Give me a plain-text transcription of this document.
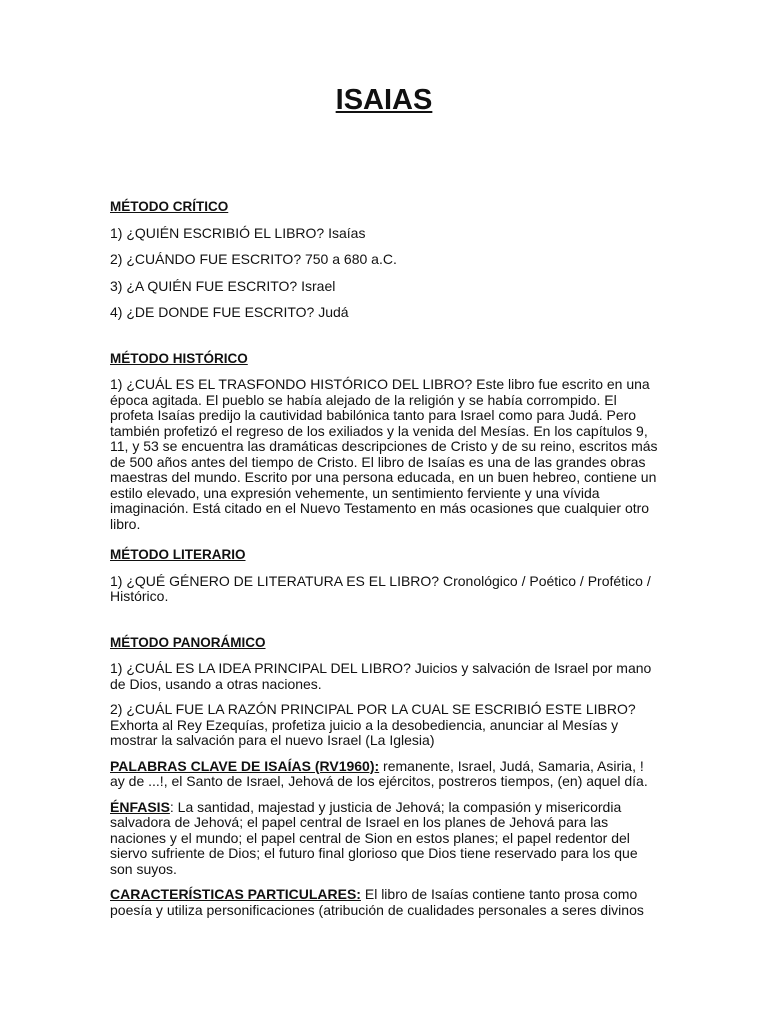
ISAIAS

MÉTODO CRÍTICO

1) ¿QUIÉN ESCRIBIÓ EL LIBRO? Isaías

2) ¿CUÁNDO FUE ESCRITO? 750 a 680 a.C.

3) ¿A QUIÉN FUE ESCRITO? Israel

4) ¿DE DONDE FUE ESCRITO? Judá

MÉTODO HISTÓRICO

1) ¿CUÁL ES EL TRASFONDO HISTÓRICO DEL LIBRO? Este libro fue escrito en una época agitada. El pueblo se había alejado de la religión y se había corrompido. El profeta Isaías predijo la cautividad babilónica tanto para Israel como para Judá. Pero también profetizó el regreso de los exiliados y la venida del Mesías. En los capítulos 9, 11, y 53 se encuentra las dramáticas descripciones de Cristo y de su reino, escritos más de 500 años antes del tiempo de Cristo. El libro de Isaías es una de las grandes obras maestras del mundo. Escrito por una persona educada, en un buen hebreo, contiene un estilo elevado, una expresión vehemente, un sentimiento ferviente y una vívida imaginación. Está citado en el Nuevo Testamento en más ocasiones que cualquier otro libro.

MÉTODO LITERARIO

1) ¿QUÉ GÉNERO DE LITERATURA ES EL LIBRO? Cronológico / Poético / Profético / Histórico.

MÉTODO PANORÁMICO

1) ¿CUÁL ES LA IDEA PRINCIPAL DEL LIBRO? Juicios y salvación de Israel por mano de Dios, usando a otras naciones.

2) ¿CUÁL FUE LA RAZÓN PRINCIPAL POR LA CUAL SE ESCRIBIÓ ESTE LIBRO? Exhorta al Rey Ezequías, profetiza juicio a la desobediencia, anunciar al Mesías y mostrar la salvación para el nuevo Israel (La Iglesia)

PALABRAS CLAVE DE ISAÍAS (RV1960): remanente, Israel, Judá, Samaria, Asiria, ! ay de ...!, el Santo de Israel, Jehová de los ejércitos, postreros tiempos, (en) aquel día.

ÉNFASIS: La santidad, majestad y justicia de Jehová; la compasión y misericordia salvadora de Jehová; el papel central de Israel en los planes de Jehová para las naciones y el mundo; el papel central de Sion en estos planes; el papel redentor del siervo sufriente de Dios; el futuro final glorioso que Dios tiene reservado para los que son suyos.

CARACTERÍSTICAS PARTICULARES: El libro de Isaías contiene tanto prosa como poesía y utiliza personificaciones (atribución de cualidades personales a seres divinos
